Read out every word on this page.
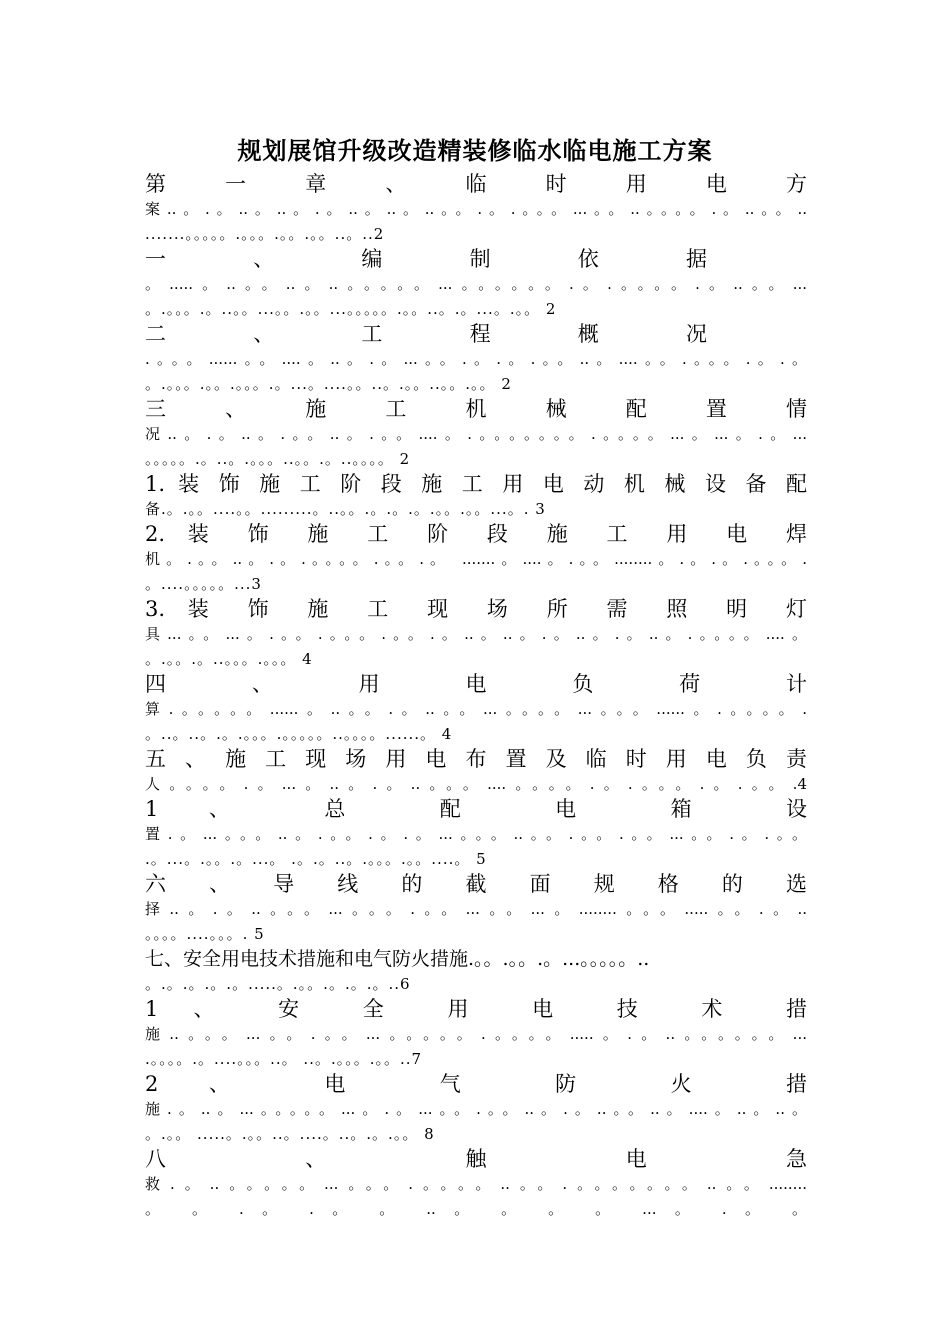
规划展馆升级改造精装修临水临电施工方案
第 一 章 、 临 时 用 电 方
案..。.。..。..。.。..。..。..。。.。.。。。...。。..。。。。.。..。。..
.......。。。。。.。。。.。。.。。..。..2
一 、 编 制 依 据
。.....。..。。..。..。。。。。...。。。。。。.。.。。。。.。..。。...
。.。。。.。..。。...。。.。。...。。。。。.。。..。.。...。.。。 2
二 、 工 程 概 况
.。。。......。。....。..。.。...。。.。.。.。。..。....。。.。。。.。.。
。.。。。.。。.。。。.。...。....。。..。.。。..。。.。。 2
三 、 施 工 机 械 配 置 情
况..。.。..。.。。..。.。。....。.。。。。。。。.。。。。...。...。.。...
。。。。。.。..。.。。。..。。.。..。。。。 2
1. 装 饰 施 工 阶 段 施 工 用 电 动 机 械 设 备 配
备.。.。。....。。.........。..。。.。.。.。.。。.。。...。. 3
2. 装 饰 施 工 阶 段 施 工 用 电 焊
机。.。。..。.。.。。。。.。。.。 .......。....。.。。........。.。.。.。。。.
。....。。。。。...3
3. 装 饰 施 工 现 场 所 需 照 明 灯
具...。。...。.。。.。。。.。。.。..。..。.。..。.。..。.。。。。....。
。.。。.。..。。。.。。。 4
四 、 用 电 负 荷 计
算.。。。。。......。..。。.。..。。...。。。。...。。。......。.。。。。.
。..。..。.。.。。。.。。。。。..。。。。......。 4
五 、 施 工 现 场 用 电 布 置 及 临 时 用 电 负 责
人。。。。.。...。..。.。..。。。....。。。。.。.。。。.。.。。.4
1 、 总 配 电 箱 设
置.。...。。。..。.。。.。.。...。。。..。。.。。.。。...。。.。.。。
.。...。.。。.。...。 .。.。..。.。。。.。。....。 5
六 、 导 线 的 截 面 规 格 的 选
择..。.。..。。。...。。。.。。...。。...。........。。。.....。。.。..
。。。。....。。。. 5
七、安全用电技术措施和电气防火措施.。。.。。.。...。。。。。..
。.。.。.。.。.....。.。。.。.。.。..6
1 、 安 全 用 电 技 术 措
施..。。。...。。.。。...。。。。。.。。。。.....。.。..。。。。。。...
.。。。。.。....。。。..。 ..。.。。。.。。..7
2 、 电 气 防 火 措
施.。..。...。。。。。...。.。...。。.。。..。.。..。。..。....。..。..。
。.。。 .....。.。。..。....。..。.。.。。 8
八 、 触 电 急
救.。..。。。。。...。。。.。。。。..。。.。。。。。。。..。。........
。 。 . 。 . 。 。 .. 。 。 。 。 ... 。 . 。 。
